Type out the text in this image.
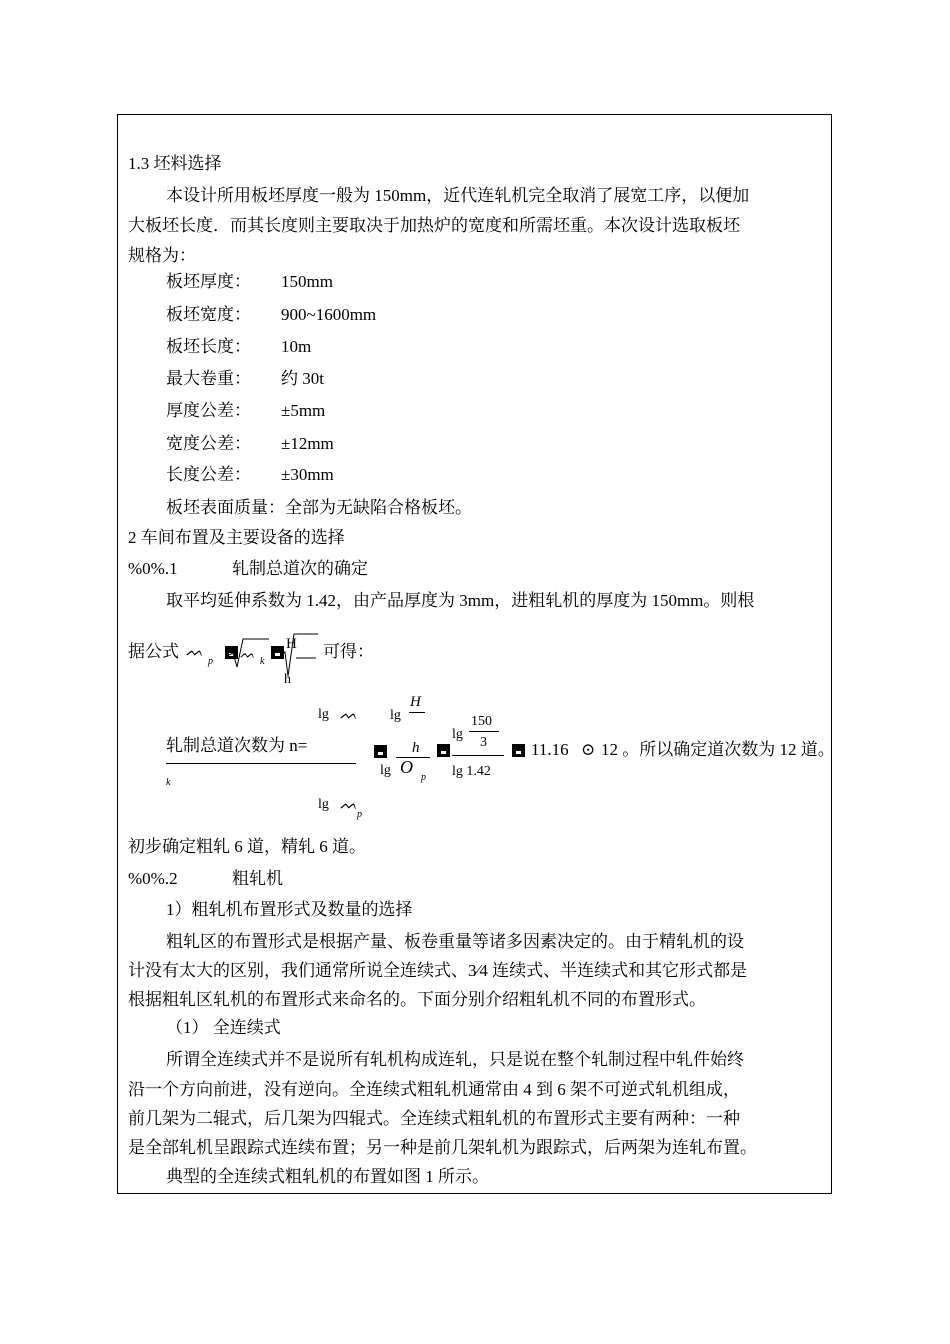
1.3 坯料选择
本设计所用板坯厚度一般为 150mm，近代连轧机完全取消了展宽工序，以便加
大板坯长度．而其长度则主要取决于加热炉的宽度和所需坯重。本次设计选取板坯
规格为：
板坯厚度： 150mm
板坯宽度： 900~1600mm
板坯长度： 10m
最大卷重： 约 30t
厚度公差： ±5mm
宽度公差： ±12mm
长度公差： ±30mm
板坯表面质量：全部为无缺陷合格板坯。
2 车间布置及主要设备的选择
%0%.1	轧制总道次的确定
取平均延伸系数为 1.42，由产品厚度为 3mm，进粗轧机的厚度为 150mm。则根
据公式 ᨓ
p
ᨓ
k
H
h
可得：
lg ᨓ
轧制总道次数为 n=
k
lg ᨓ
p
lg
H
h
lg O
p
lg
150
3
lg 1.42
11.16 ⊙ 12 。所以确定道次数为 12 道。
初步确定粗轧 6 道，精轧 6 道。
%0%.2	粗轧机
1）粗轧机布置形式及数量的选择
粗轧区的布置形式是根据产量、板卷重量等诸多因素决定的。由于精轧机的设
计没有太大的区别，我们通常所说全连续式、3⁄4 连续式、半连续式和其它形式都是
根据粗轧区轧机的布置形式来命名的。下面分别介绍粗轧机不同的布置形式。
（1） 全连续式
所谓全连续式并不是说所有轧机构成连轧，只是说在整个轧制过程中轧件始终
沿一个方向前进，没有逆向。全连续式粗轧机通常由 4 到 6 架不可逆式轧机组成，
前几架为二辊式，后几架为四辊式。全连续式粗轧机的布置形式主要有两种：一种
是全部轧机呈跟踪式连续布置；另一种是前几架轧机为跟踪式，后两架为连轧布置。
典型的全连续式粗轧机的布置如图 1 所示。
